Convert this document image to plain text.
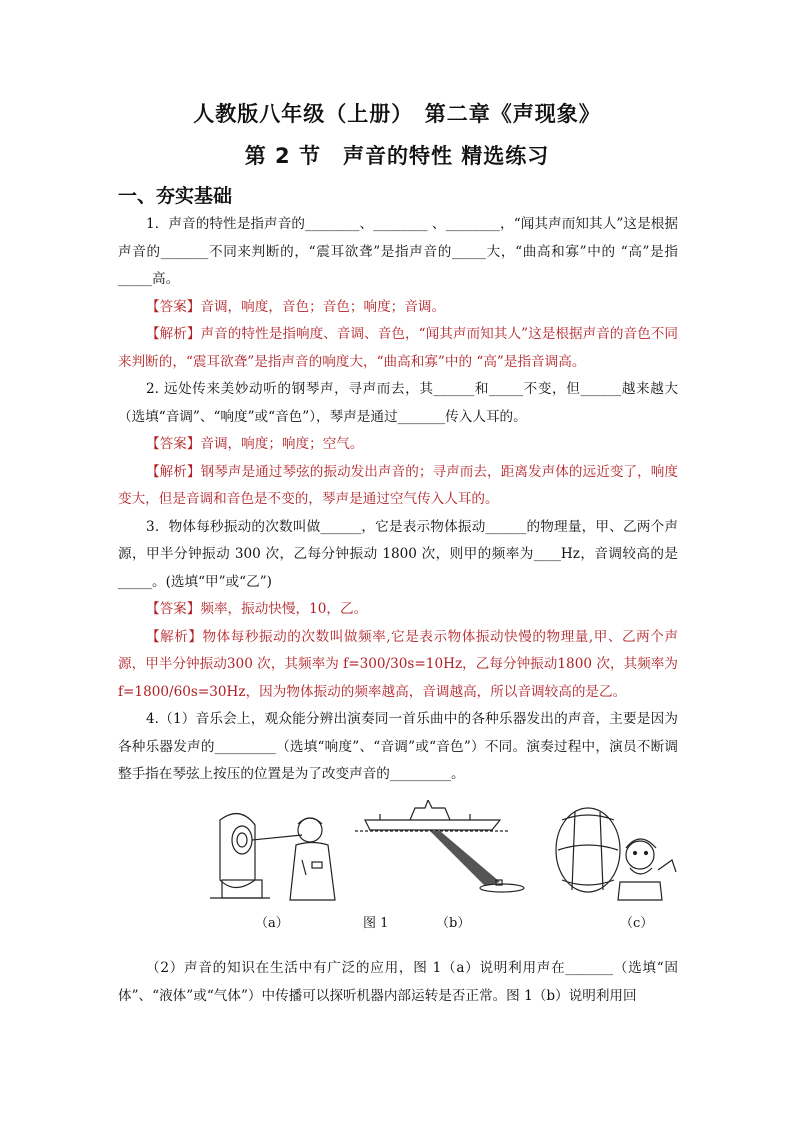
人教版八年级（上册）　第二章《声现象》
第 2 节　声音的特性 精选练习
一、夯实基础

1．声音的特性是指声音的________、________ 、________，“闻其声而知其人”这是根据声音的_______不同来判断的，“震耳欲聋”是指声音的_____大，“曲高和寡”中的 “高”是指_____高。

【答案】音调，响度，音色；音色；响度；音调。

【解析】声音的特性是指响度、音调、音色，“闻其声而知其人”这是根据声音的音色不同来判断的，“震耳欲聋”是指声音的响度大，“曲高和寡”中的 “高”是指音调高。

2. 远处传来美妙动听的钢琴声，寻声而去，其______和_____不变，但______越来越大（选填“音调”、“响度”或“音色”），琴声是通过_______传入人耳的。

【答案】音调，响度；响度；空气。

【解析】钢琴声是通过琴弦的振动发出声音的；寻声而去，距离发声体的远近变了，响度变大，但是音调和音色是不变的，琴声是通过空气传入人耳的。

3．物体每秒振动的次数叫做______，它是表示物体振动______的物理量，甲、乙两个声源，甲半分钟振动 300 次，乙每分钟振动 1800 次，则甲的频率为____Hz，音调较高的是_____。(选填“甲”或“乙”)

【答案】频率，振动快慢，10，乙。

【解析】物体每秒振动的次数叫做频率,它是表示物体振动快慢的物理量,甲、乙两个声源，甲半分钟振动300 次，其频率为 f=300/30s=10Hz，乙每分钟振动1800 次，其频率为 f=1800/60s=30Hz，因为物体振动的频率越高，音调越高，所以音调较高的是乙。

4.（1）音乐会上，观众能分辨出演奏同一首乐曲中的各种乐器发出的声音，主要是因为各种乐器发声的_________（选填“响度”、“音调”或“音色”）不同。演奏过程中，演员不断调整手指在琴弦上按压的位置是为了改变声音的_________。

（a）	图 1	（b）	（c）

（2）声音的知识在生活中有广泛的应用，图 1（a）说明利用声在_______（选填“固体”、“液体”或“气体”）中传播可以探听机器内部运转是否正常。图 1（b）说明利用回
